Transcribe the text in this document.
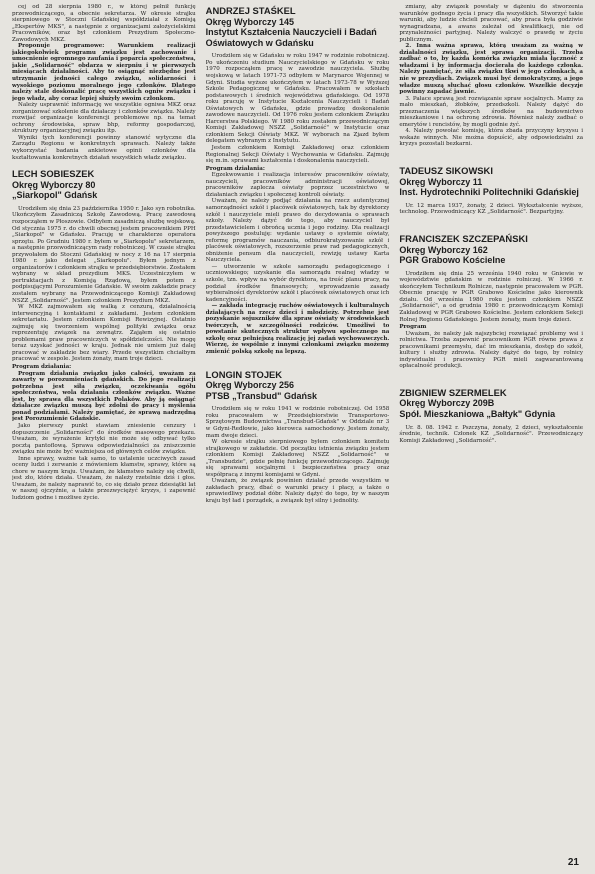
cej od 28 sierpnia 1980 r., w której pełnił funkcję przewodniczącego, a obecnie sekretarza. W okresie strajku sierpniowego w Stoczni Gdańskiej współdziałał z Komisją „Ekspertów MKS", a następnie z organizacjami założycielskimi Pracowników, oraz był członkiem Prezydium Społeczno-Zawodowych MKZ.

Proponuje programowe: Warunkiem realizacji jakiegokolwiek programu związku jest zachowanie i umocnienie ogromnego zaufania i poparcia społeczeństwa, jakie „Solidarność" obdarza w sierpniu i w pierwszych miesiącach działalności. Aby to osiągnąć niezbędne jest utrzymanie jedności całego związku, solidarności i wysokiego poziomu moralnego jego członków. Dlatego należy stale doskonalić pracę wszystkich ogniw związku i jego władz, aby coraz lepiej służyły swoim członkom.

Należy usprawnić informację we wszystkie ogniwa MKZ oraz zorganizować szkolenie dla działaczy i członków związku. Należy rozwijać organizacje konferencji problemowe np. na temat ochrony środowiska, spraw bhp, reformy gospodarczej, struktury organizacyjnej związku itp.

Wyniki tych konferencji powinny stanowić wytyczne dla Zarządu Regionu w konkretnych sprawach. Należy także wykorzystać badania ankietowe opinii członków dla kształtowania konkretnych działań wszystkich władz związku.

LECH SOBIESZEK
Okręg Wyborczy 80
„Siarkopol" Gdańsk

Urodziłem się dnia 23 października 1950 r. Jako syn robotnika. Ukończyłem Zasadniczą Szkołę Zawodową. Pracę zawodową rozpocząłem w Płoszowie. Odbyłem zasadniczą służbę wojskową. Od stycznia 1975 r. do chwili obecnej jestem pracownikiem PPH „Siarkopol" w Gdańsku. Pracuję w charakterze operatora sprzętu. Po Grudniu 1980 r. byłem w „Siarkopolu" sekretarzem, a następnie przewodniczącym rady robotniczej. W czasie strajku przywołałem do Stoczni Gdańskiej w nocy z 16 na 17 sierpnia 1980 r. jako delegat „Siarkopolu". Byłem jednym z organizatorów i członkiem strajku w przedsiębiorstwie. Zostałem wybrany w skład prezydium MKS. Uczestniczyłem w pertraktacjach z Komisją Rządową, byłem potem z podpisującymi Porozumienie Gdańskie. W swoim zakładzie pracy zostałem wybrany na Przewodniczącego Komisji Zakładowej NSZZ „Solidarność". Jestem członkiem Prezydium MKZ.

W MKZ zajmowałem się walką z cenzurą, działalnością interwencyjną i kontaktami z zakładami. Jestem członkiem sekretariatu. Jestem członkiem Komisji Rewizyjnej. Ostatnio zajmuję się tworzeniem wspólnej polityki związku oraz reprezentuję związek na zewnątrz. Zająłem się ostatnio problemami praw pracowniczych w spółdzielczości. Nie mogę teraz uzyskać jedności w kraju. Jednak nie umiem już dalej pracować w zakładzie bez wiary. Przede wszystkim chciałbym pracować w zespole. Jestem żonaty, mam troje dzieci.

Program działania:

Program działania związku jako całości, uważam za zawarty w porozumieniach gdańskich. Do jego realizacji potrzebna jest siła związku, oczekiwania ogółu społeczeństwa, wola działania członków związku. Ważne jest, by sprawa dla wszystkich Polaków. Aby ją osiągnąć działacze związku muszą być zdolni do pracy i myślenia ponad podziałami. Należy pamiętać, że sprawą nadrzędną jest Porozumienie Gdańskie.

Jako pierwszy punkt stawiam zniesienie cenzury i dopuszczenie „Solidarności" do środków masowego przekazu. Uważam, że wyrażenie krytyki nie może się odbywać tylko pocztą pantoflową. Sprawa odpowiedzialności za zniszczenie związku nie może być ważniejsza od głównych celów związku.

Inne sprawy, ważne tak samo, to ustalenie uczciwych zasad oceny ludzi i zerwanie z mówieniem kłamstw, sprawy, które są chore w naszym kraju. Uważam, że kłamstwo należy się chwili, jest zło, które działa. Uważam, że należy rzetelnie dziś i głos. Uważam, że należy naprawić to, co się działo przez dziesiątki lat w naszej ojczyźnie, a także przezwyciężyć kryzys, i zapewnić ludziom godne i możliwe życie.

ANDRZEJ STAŚKEL
Okręg Wyborczy 145
Instytut Kształcenia Nauczycieli i Badań Oświatowych w Gdańsku

Urodziłem się w Gdańsku w roku 1947 w rodzinie robotniczej. Po ukończeniu studium Nauczycielskiego w Gdańsku w roku 1970 rozpocząłem pracę w zawodzie nauczyciela. Służbę wojskową w latach 1971-73 odbyłem w Marynarce Wojennej w Gdyni. Studia wyższe ukończyłem w latach 1973-78 w Wyższej Szkole Pedagogicznej w Gdańsku. Pracowałem w szkołach podstawowych i średnich województwa gdańskiego. Od 1978 roku pracuję w Instytucie Kształcenia Nauczycieli i Badań Oświatowych w Gdańsku, gdzie prowadzę doskonalenie zawodowe nauczycieli. Od 1976 roku jestem członkiem Związku Harcerstwa Polskiego. W 1980 roku zostałem przewodniczącym Komisji Zakładowej NSZZ „Solidarność" w Instytucie oraz członkiem Sekcji Oświaty MKZ. W wyborach na Zjazd byłem delegatem wybranym z Instytutu.

Jestem członkiem Komisji Zakładowej oraz członkiem Regionalnej Sekcji Oświaty i Wychowania w Gdańsku. Zajmuję się m.in. sprawami kształcenia i doskonalenia nauczycieli.

Program działania:

Egzekwowanie i realizacja interesów pracowników oświaty, nauczycieli, pracowników administracji oświatowej, pracowników zaplecza oświaty poprzez uczestnictwo w działaniach związku i społecznej kontroli oświaty.

Uważam, że należy podjąć działania na rzecz autentycznej samorządności szkół i placówek oświatowych, tak by dyrektorzy szkół i nauczyciele mieli prawo do decydowania o sprawach szkoły. Należy dążyć do tego, aby nauczyciel był przedstawicielem i obrońcą ucznia i jego rodziny. Dla realizacji powyższego postuluję: wydanie ustawy o systemie oświaty, reformę programów nauczania, odbiurokratyzowanie szkół i placówek oświatowych, rozszerzenie praw rad pedagogicznych, obniżenie pensum dla nauczycieli, rewizję ustawy Karta Nauczyciela.

— utworzenie w szkole samorządu pedagogicznego i uczniowskiego; uzyskanie dla samorządu realnej władzy w szkole, tzn. wpływ na wybór dyrektora, na treść planu pracy, na podział środków finansowych; wprowadzenie zasady wybieralności dyrektorów szkół i placówek oświatowych oraz ich kadencyjności.

— zakłada integrację ruchów oświatowych i kulturalnych działających na rzecz dzieci i młodzieży. Potrzebne jest pozyskanie sojuszników dla spraw oświaty w środowiskach twórczych, w szczególności rodziców. Umożliwi to powstanie skutecznych struktur wpływu społecznego na szkołę oraz pełniejszą realizację jej zadań wychowawczych. Wierzę, że wspólnie z innymi członkami związku możemy zmienić polską szkołę na lepszą.

LONGIN STOJEK
Okręg Wyborczy 256
PTSB „Transbud" Gdańsk

Urodziłem się w roku 1941 w rodzinie robotniczej. Od 1958 roku pracowałem w Przedsiębiorstwie Transportowo-Sprzętowym Budownictwa „Transbud-Gdańsk" w Oddziale nr 3 w Gdyni-Redłowie, jako kierowca samochodowy. Jestem żonaty, mam dwoje dzieci.

W okresie strajku sierpniowego byłem członkiem komitetu strajkowego w zakładzie. Od początku istnienia związku jestem członkiem Komisji Zakładowej NSZZ „Solidarność" w „Transbudzie", gdzie pełnię funkcję przewodniczącego. Zajmuję się sprawami socjalnymi i bezpieczeństwa pracy oraz współpracą z innymi komisjami w Gdyni.

Uważam, że związek powinien działać przede wszystkim w zakładach pracy, dbać o warunki pracy i płacy, a także o sprawiedliwy podział dóbr. Należy dążyć do tego, by w naszym kraju był ład i porządek, a związek był silny i jednolity.

zmiany, aby związek powstały w dążeniu do stworzenia warunków godnego życia i pracy dla wszystkich. Stworzyć takie warunki, aby ludzie chcieli pracować, aby praca była godziwie wynagradzana, a awans zależał od kwalifikacji, nie od przynależności partyjnej. Należy walczyć o prawdę w życiu publicznym.

2. Inna ważna sprawa, którą uważam za ważną w działalności związku, jest sprawa organizacji. Trzeba zadbać o to, by każda komórka związku miała łączność z władzami i by informacja docierała do każdego członka. Należy pamiętać, że siła związku tkwi w jego członkach, a nie w prezydiach. Związek musi być demokratyczny, a jego władze muszą słuchać głosu członków. Wszelkie decyzje powinny zapadać jawnie.

3. Pałace sprawą jest rozwiązanie spraw socjalnych. Mamy za mało mieszkań, żłobków, przedszkoli. Należy dążyć do przeznaczenia większych środków na budownictwo mieszkaniowe i na ochronę zdrowia. Również należy zadbać o emerytów i rencistów, by mogli godnie żyć.

4. Należy powołać komisję, która zbada przyczyny kryzysu i wskaże winnych. Nie można dopuścić, aby odpowiedzialni za kryzys pozostali bezkarni.

TADEUSZ SIKOWSKI
Okręg Wyborczy 11
Inst. Hydrotechniki Politechniki Gdańskiej

Ur. 12 marca 1937, żonaty, 2 dzieci. Wykształcenie wyższe, technolog. Przewodniczący KZ „Solidarność". Bezpartyjny.

FRANCISZEK SZCZEPAŃSKI
Okręg Wyborczy 162
PGR Grabowo Kościelne

Urodziłem się dnia 25 września 1940 roku w Gniewie w województwie gdańskim w rodzinie rolniczej. W 1966 r. ukończyłem Technikum Rolnicze, następnie pracowałem w PGR. Obecnie pracuję w PGR Grabowo Kościelne jako kierownik działu. Od września 1980 roku jestem członkiem NSZZ „Solidarność", a od grudnia 1980 r. przewodniczącym Komisji Zakładowej w PGR Grabowo Kościelne. Jestem członkiem Sekcji Rolnej Regionu Gdańskiego. Jestem żonaty, mam troje dzieci.

Program

Uważam, że należy jak najszybciej rozwiązać problemy wsi i rolnictwa. Trzeba zapewnić pracownikom PGR równe prawa z pracownikami przemysłu, dać im mieszkania, dostęp do szkół, kultury i służby zdrowia. Należy dążyć do tego, by rolnicy indywidualni i pracownicy PGR mieli zagwarantowaną opłacalność produkcji.

ZBIGNIEW SZERMELEK
Okręg Wyborczy 209B
Spół. Mieszkaniowa „Bałtyk" Gdynia

Ur. 8. 08. 1942 r. Pszczyna, żonaty, 2 dzieci, wykształcenie średnie, technik. Członek KZ „Solidarność". Przewodniczący Komisji Zakładowej „Solidarność".

21
